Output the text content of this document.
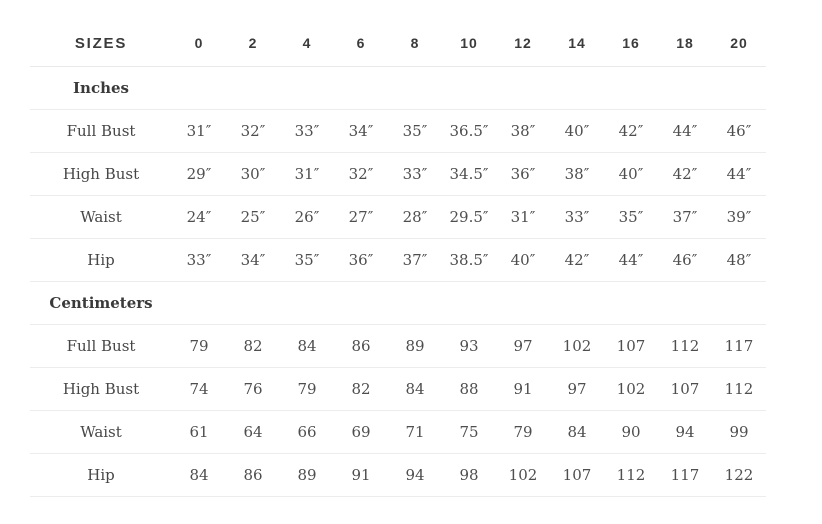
SIZES	0	2	4	6	8	10	12	14	16	18	20
Inches
Full Bust	31″	32″	33″	34″	35″	36.5″	38″	40″	42″	44″	46″
High Bust	29″	30″	31″	32″	33″	34.5″	36″	38″	40″	42″	44″
Waist	24″	25″	26″	27″	28″	29.5″	31″	33″	35″	37″	39″
Hip	33″	34″	35″	36″	37″	38.5″	40″	42″	44″	46″	48″
Centimeters
Full Bust	79	82	84	86	89	93	97	102	107	112	117
High Bust	74	76	79	82	84	88	91	97	102	107	112
Waist	61	64	66	69	71	75	79	84	90	94	99
Hip	84	86	89	91	94	98	102	107	112	117	122
